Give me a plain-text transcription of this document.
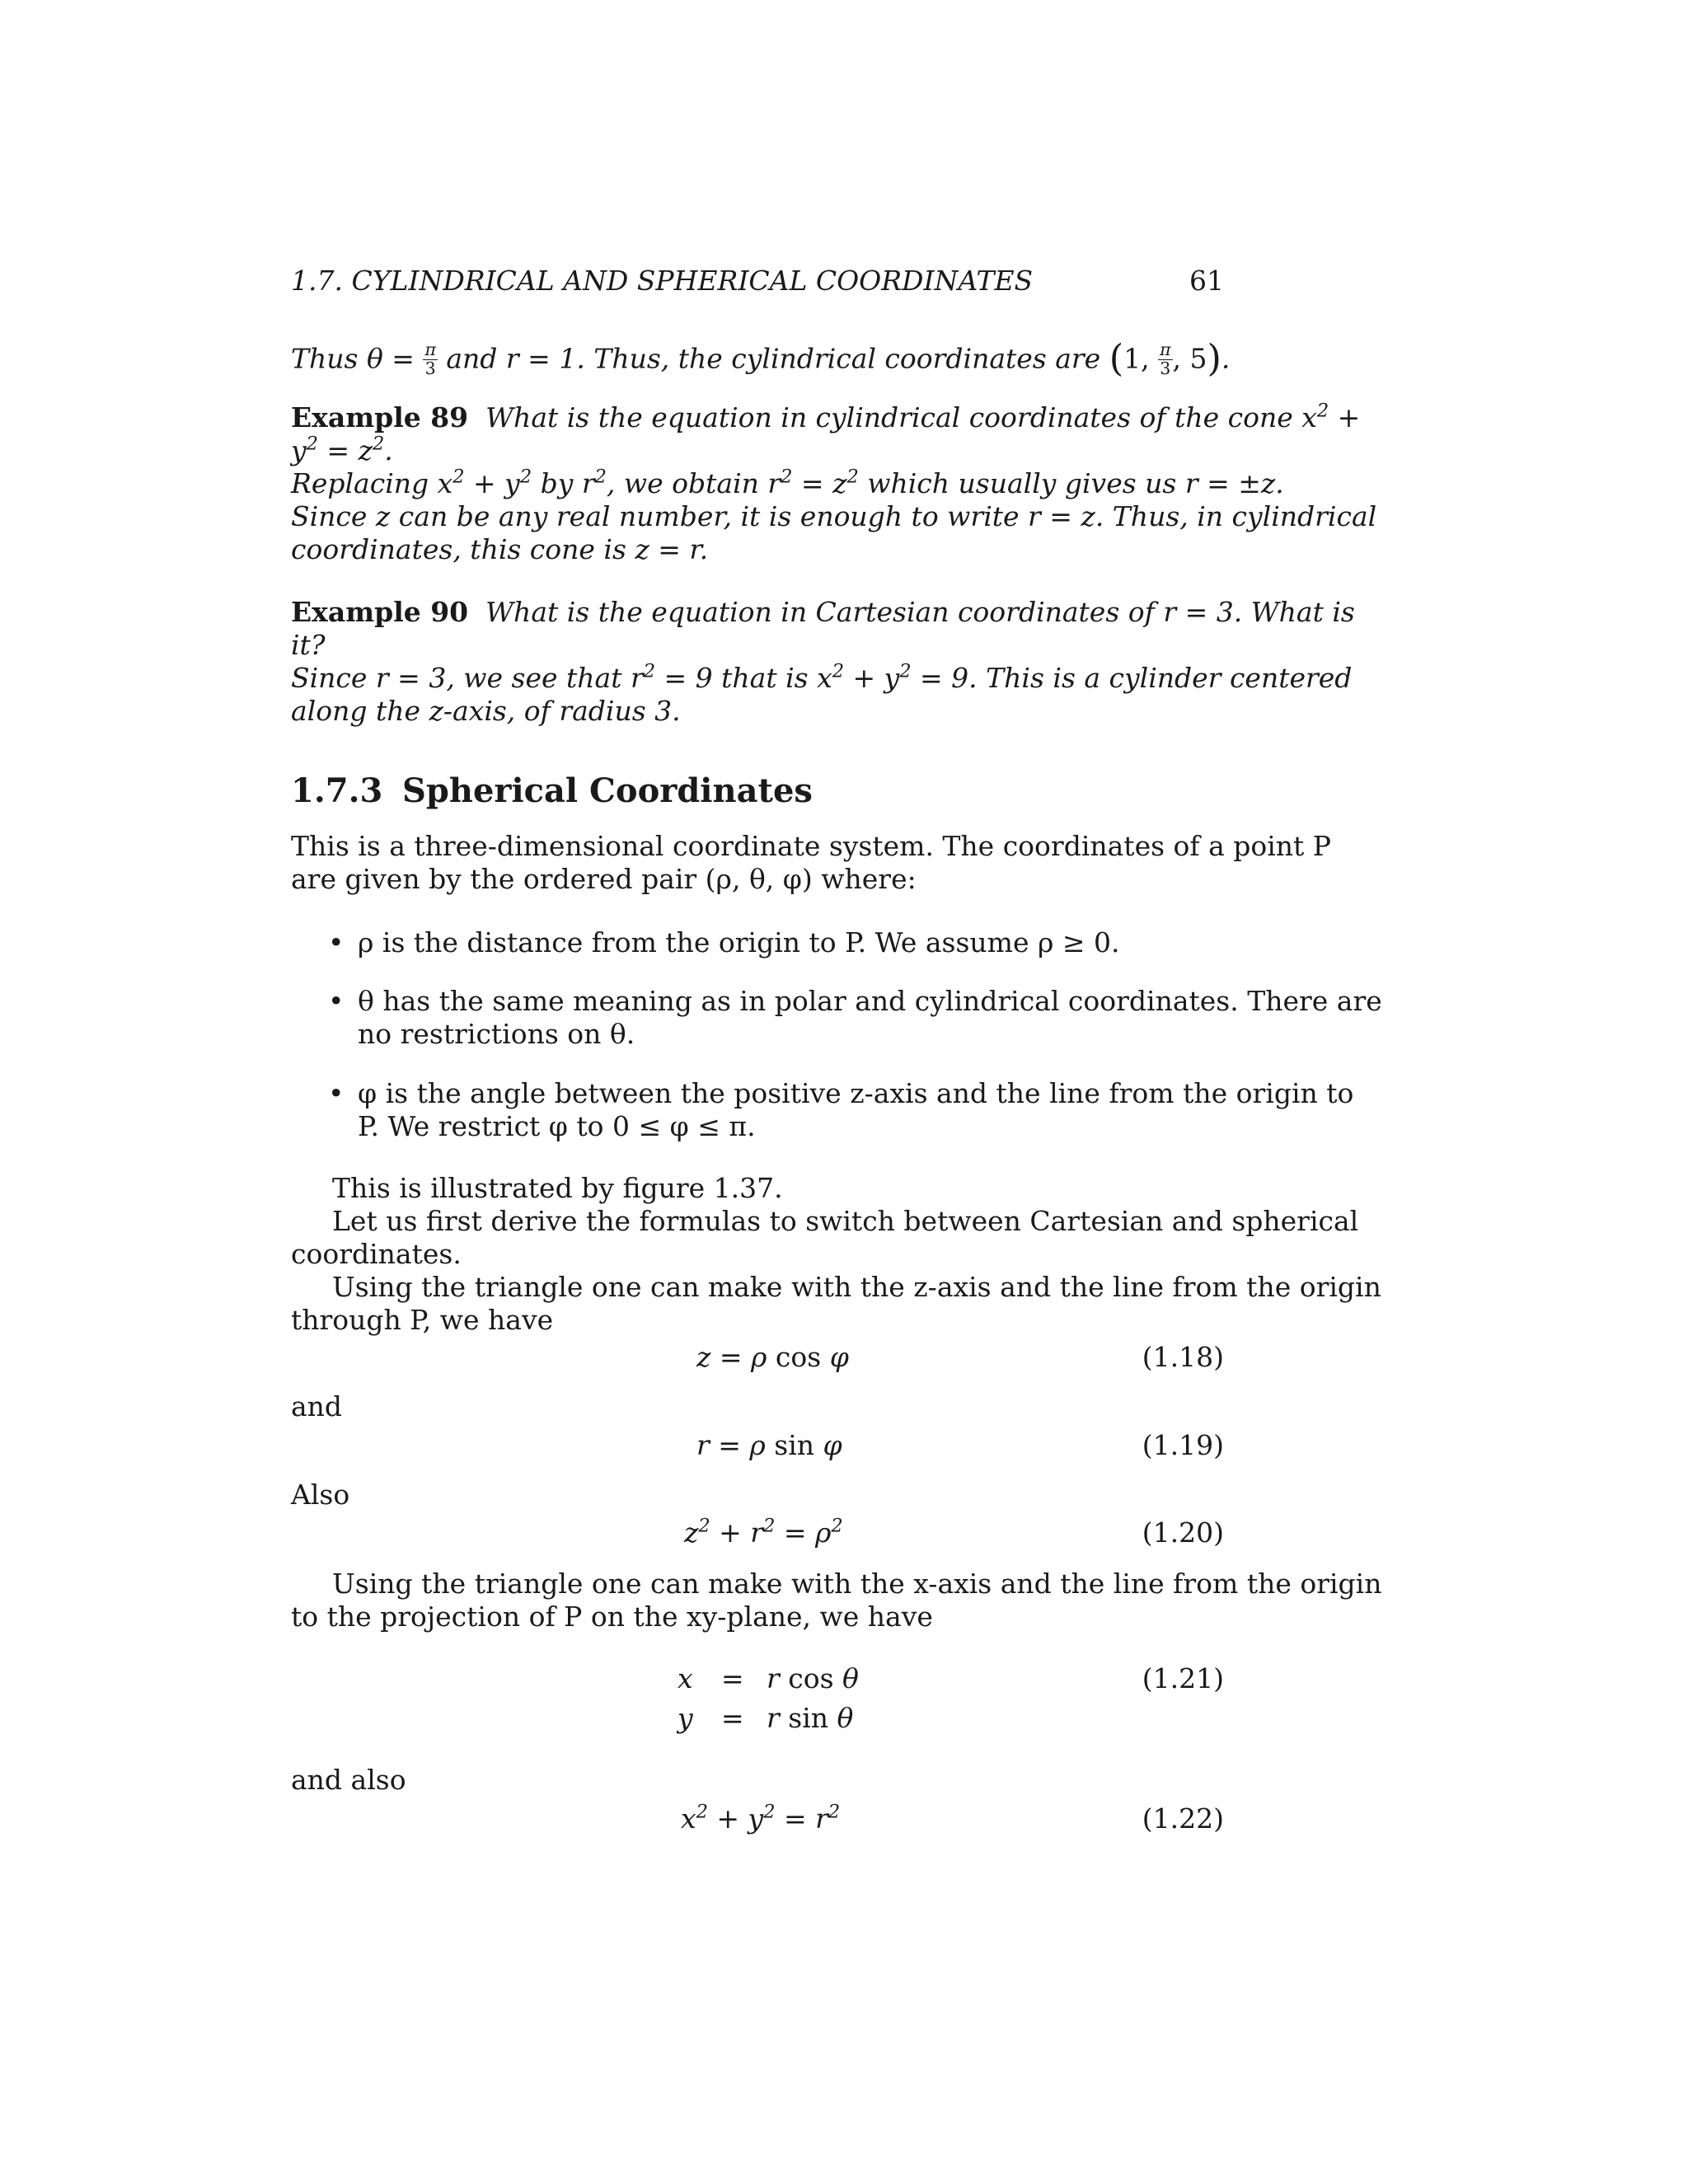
1.7. CYLINDRICAL AND SPHERICAL COORDINATES	61
Thus $\theta = \frac{\pi}{3}$ and r = 1. Thus, the cylindrical coordinates are (1, $\frac{\pi}{3}$ , 5).
Example 89 What is the equation in cylindrical coordinates of the cone $x^2$ +
$y^2 = z^2$.
Replacing $x^2 + y^2$ by $r^2$, we obtain $r^2 = z^2$ which usually gives us r = ±z.
Since z can be any real number, it is enough to write r = z. Thus, in cylindrical
coordinates, this cone is z = r.
Example 90 What is the equation in Cartesian coordinates of r = 3. What is
it?
Since r = 3, we see that $r^2 = 9$ that is $x^2 + y^2 = 9$. This is a cylinder centered
along the z-axis, of radius 3.
1.7.3 Spherical Coordinates
This is a three-dimensional coordinate system. The coordinates of a point P
are given by the ordered pair (ρ, θ, φ) where:
• ρ is the distance from the origin to P. We assume ρ ≥ 0.
• θ has the same meaning as in polar and cylindrical coordinates. There are
no restrictions on θ.
• φ is the angle between the positive z-axis and the line from the origin to
P. We restrict φ to 0 ≤ φ ≤ π.
This is illustrated by figure 1.37.
Let us first derive the formulas to switch between Cartesian and spherical
coordinates.
Using the triangle one can make with the z-axis and the line from the origin
through P, we have
z = ρ cos φ	(1.18)
and
r = ρ sin φ	(1.19)
Also
$z^2 + r^2 = \rho^2$	(1.20)
Using the triangle one can make with the x-axis and the line from the origin
to the projection of P on the xy-plane, we have
x = r cos θ	(1.21)
y = r sin θ
and also
$x^2 + y^2 = r^2$	(1.22)
